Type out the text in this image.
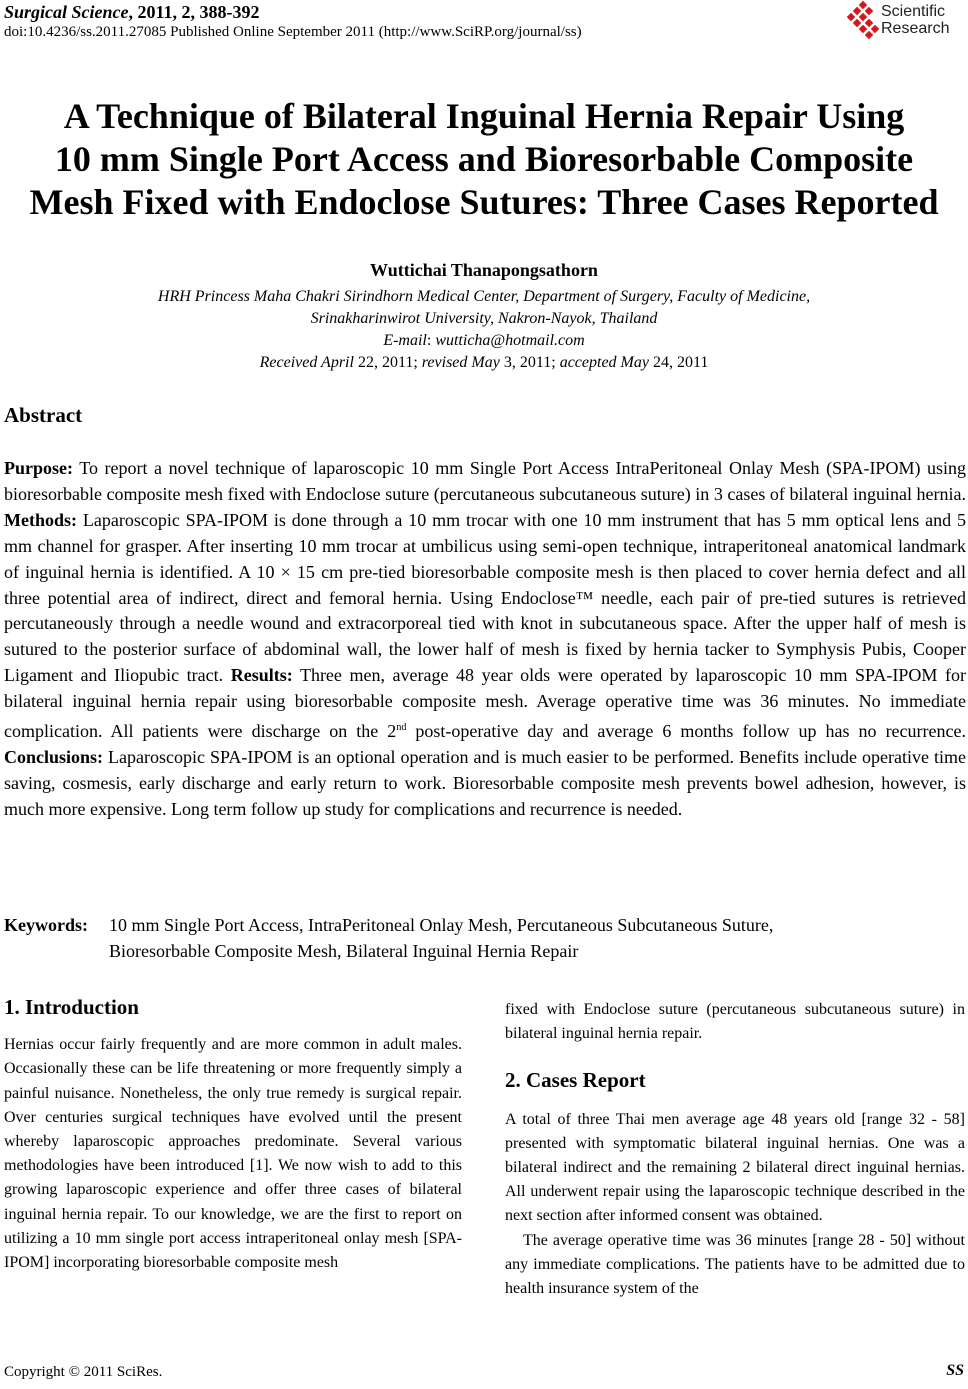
Surgical Science, 2011, 2, 388-392
doi:10.4236/ss.2011.27085 Published Online September 2011 (http://www.SciRP.org/journal/ss)
Scientific
Research
A Technique of Bilateral Inguinal Hernia Repair Using
10 mm Single Port Access and Bioresorbable Composite
Mesh Fixed with Endoclose Sutures: Three Cases Reported
Wuttichai Thanapongsathorn
HRH Princess Maha Chakri Sirindhorn Medical Center, Department of Surgery, Faculty of Medicine,
Srinakharinwirot University, Nakron-Nayok, Thailand
E-mail: wutticha@hotmail.com
Received April 22, 2011; revised May 3, 2011; accepted May 24, 2011
Abstract
Purpose: To report a novel technique of laparoscopic 10 mm Single Port Access IntraPeritoneal Onlay Mesh (SPA-IPOM) using bioresorbable composite mesh fixed with Endoclose suture (percutaneous subcutaneous suture) in 3 cases of bilateral inguinal hernia. Methods: Laparoscopic SPA-IPOM is done through a 10 mm trocar with one 10 mm instrument that has 5 mm optical lens and 5 mm channel for grasper. After inserting 10 mm trocar at umbilicus using semi-open technique, intraperitoneal anatomical landmark of inguinal hernia is identified. A 10 × 15 cm pre-tied bioresorbable composite mesh is then placed to cover hernia defect and all three potential area of indirect, direct and femoral hernia. Using Endoclose™ needle, each pair of pre-tied sutures is retrieved percutaneously through a needle wound and extracorporeal tied with knot in subcutaneous space. After the upper half of mesh is sutured to the posterior surface of abdominal wall, the lower half of mesh is fixed by hernia tacker to Symphysis Pubis, Cooper Ligament and Iliopubic tract. Results: Three men, average 48 year olds were operated by laparoscopic 10 mm SPA-IPOM for bilateral inguinal hernia repair using bioresorbable composite mesh. Average operative time was 36 minutes. No immediate complication. All patients were discharge on the 2nd post-operative day and average 6 months follow up has no recurrence. Conclusions: Laparoscopic SPA-IPOM is an optional operation and is much easier to be performed. Benefits include operative time saving, cosmesis, early discharge and early return to work. Bioresorbable composite mesh prevents bowel adhesion, however, is much more expensive. Long term follow up study for complications and recurrence is needed.
Keywords: 10 mm Single Port Access, IntraPeritoneal Onlay Mesh, Percutaneous Subcutaneous Suture,
Bioresorbable Composite Mesh, Bilateral Inguinal Hernia Repair
1. Introduction
Hernias occur fairly frequently and are more common in adult males. Occasionally these can be life threatening or more frequently simply a painful nuisance. Nonetheless, the only true remedy is surgical repair. Over centuries surgical techniques have evolved until the present whereby laparoscopic approaches predominate. Several various methodologies have been introduced [1]. We now wish to add to this growing laparoscopic experience and offer three cases of bilateral inguinal hernia repair. To our knowledge, we are the first to report on utilizing a 10 mm single port access intraperitoneal onlay mesh [SPA-IPOM] incorporating bioresorbable composite mesh
fixed with Endoclose suture (percutaneous subcutaneous suture) in bilateral inguinal hernia repair.
2. Cases Report
A total of three Thai men average age 48 years old [range 32 - 58] presented with symptomatic bilateral inguinal hernias. One was a bilateral indirect and the remaining 2 bilateral direct inguinal hernias. All underwent repair using the laparoscopic technique described in the next section after informed consent was obtained.
The average operative time was 36 minutes [range 28 - 50] without any immediate complications. The patients have to be admitted due to health insurance system of the
Copyright © 2011 SciRes.	SS
